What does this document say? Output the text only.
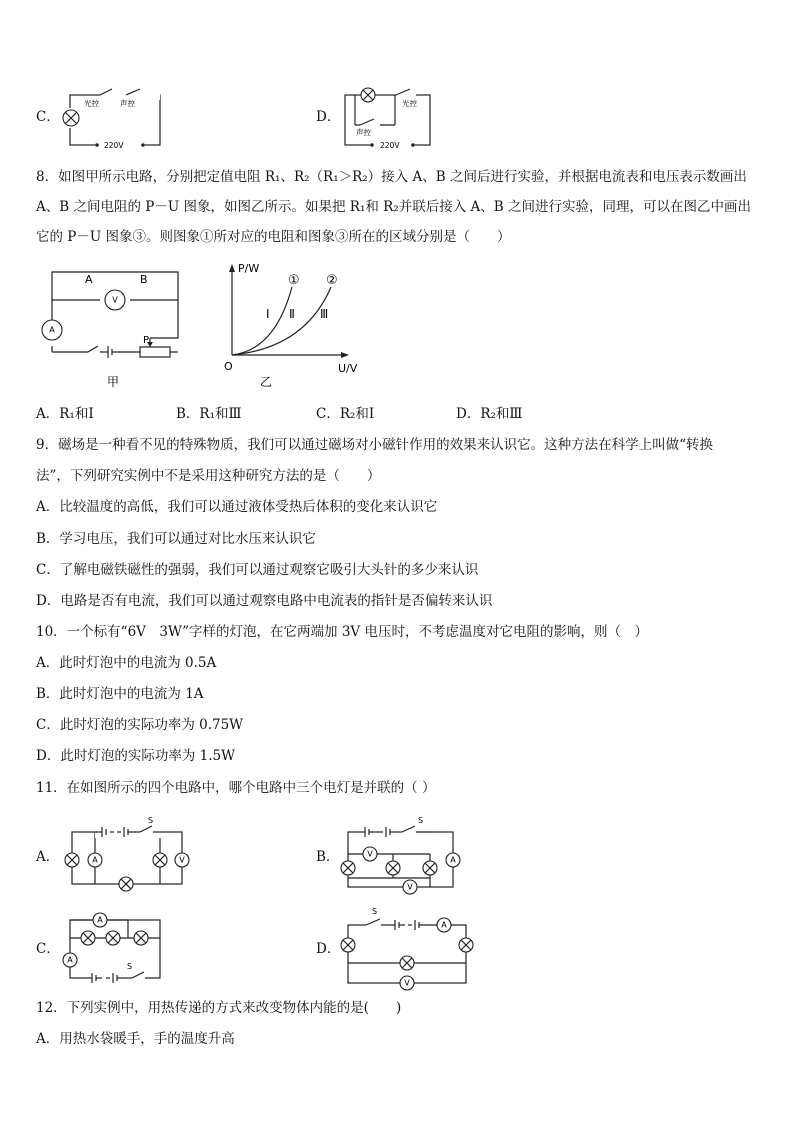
C．
光控	声控
220V
D．
光控
声控
220V
8．如图甲所示电路，分别把定值电阻 R₁、R₂（R₁＞R₂）接入 A、B 之间后进行实验，并根据电流表和电压表示数画出
A、B 之间电阻的 P－U 图象，如图乙所示。如果把 R₁和 R₂并联后接入 A、B 之间进行实验，同理，可以在图乙中画出
它的 P－U 图象③。则图象①所对应的电阻和图象③所在的区域分别是（　　）
V
A
A	B
P
甲
P/W
U/V
O
① ②
Ⅰ Ⅱ Ⅲ
乙
A．R₁和Ⅰ	B．R₁和Ⅲ	C．R₂和Ⅰ	D．R₂和Ⅲ
9．磁场是一种看不见的特殊物质，我们可以通过磁场对小磁针作用的效果来认识它。这种方法在科学上叫做“转换
法”，下列研究实例中不是采用这种研究方法的是（　　）
A．比较温度的高低，我们可以通过液体受热后体积的变化来认识它
B．学习电压，我们可以通过对比水压来认识它
C．了解电磁铁磁性的强弱，我们可以通过观察它吸引大头针的多少来认识
D．电路是否有电流，我们可以通过观察电路中电流表的指针是否偏转来认识
10．一个标有“6V　3W”字样的灯泡，在它两端加 3V 电压时，不考虑温度对它电阻的影响，则（　）
A．此时灯泡中的电流为 0.5A
B．此时灯泡中的电流为 1A
C．此时灯泡的实际功率为 0.75W
D．此时灯泡的实际功率为 1.5W
11．在如图所示的四个电路中，哪个电路中三个电灯是并联的（ ）
A．
S
A	V	B．
S
V
A
V
C．
A
A
S
D．
S
A
V
12．下列实例中，用热传递的方式来改变物体内能的是(　　)
A．用热水袋暖手，手的温度升高
